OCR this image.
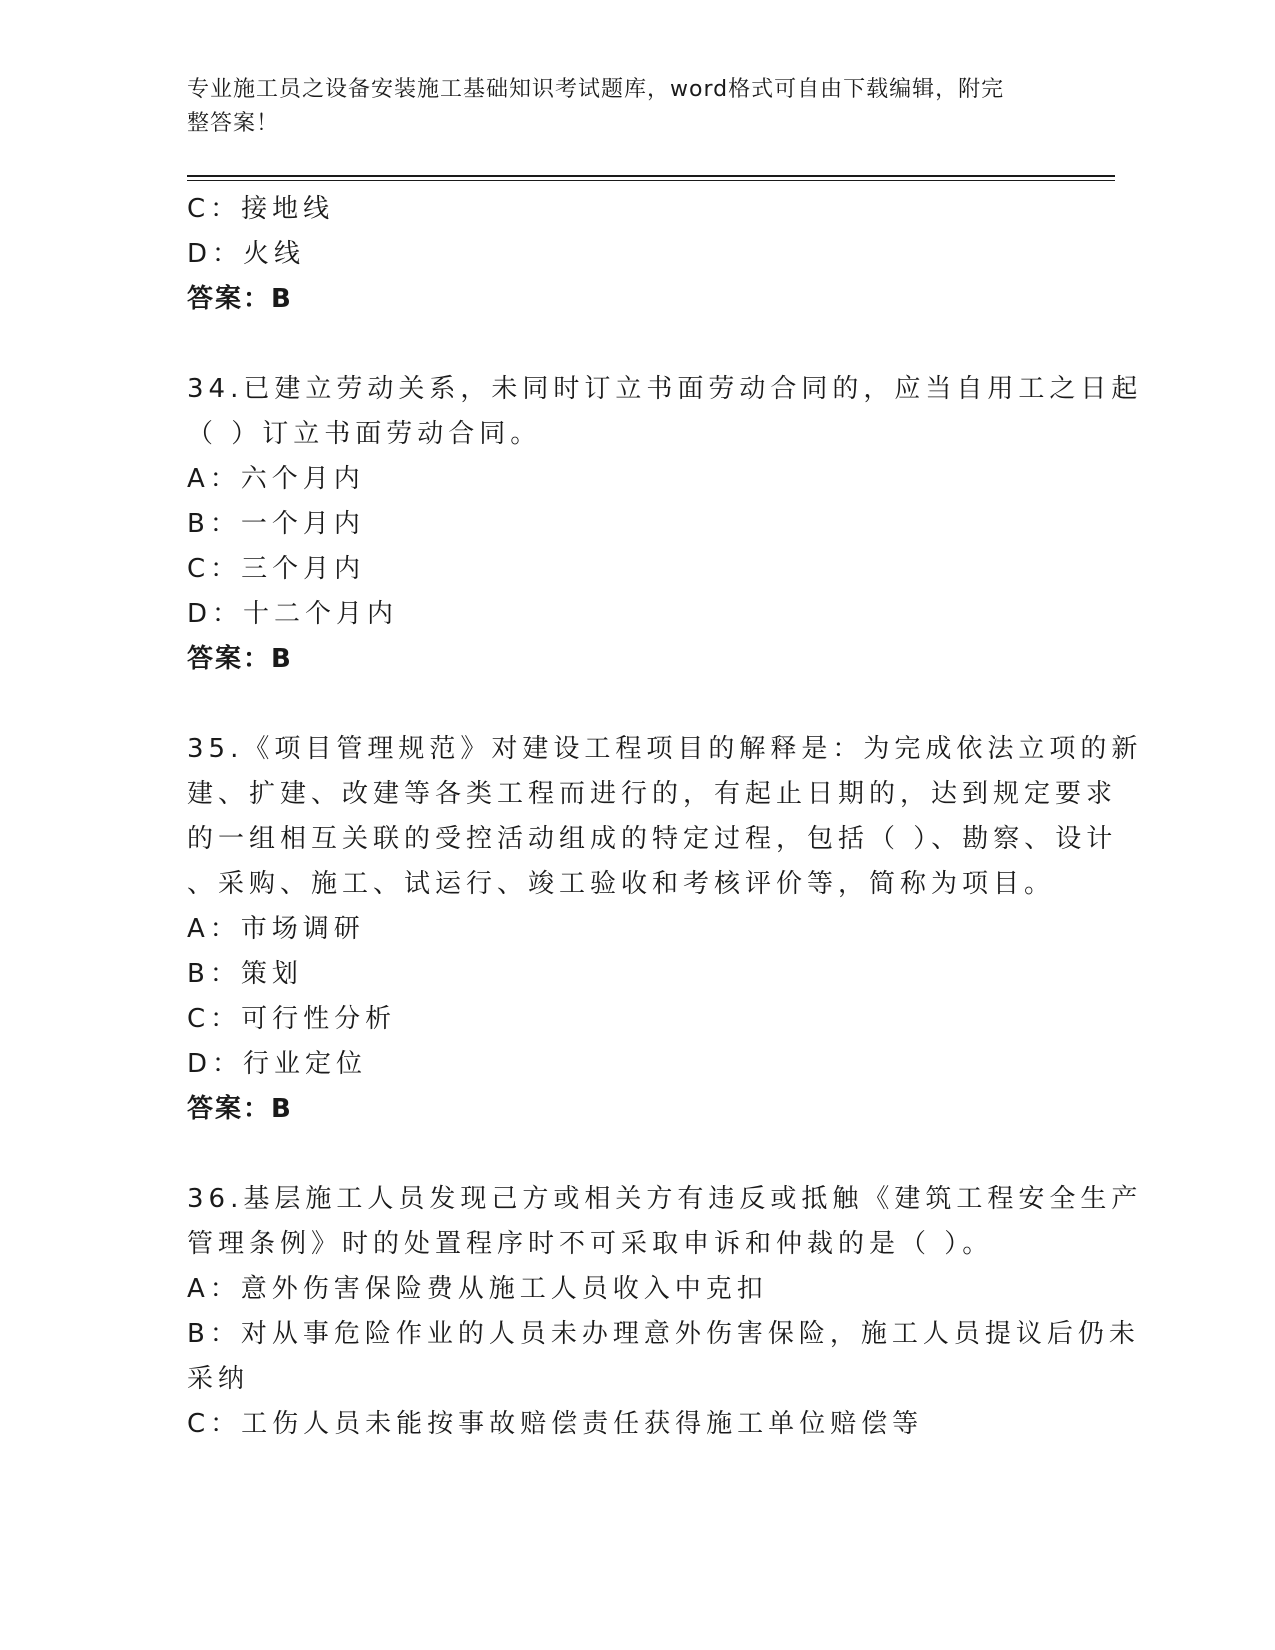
专业施工员之设备安装施工基础知识考试题库，word格式可自由下载编辑，附完
整答案！
C：接地线
D：火线
答案：B
34.已建立劳动关系，未同时订立书面劳动合同的，应当自用工之日起
（ ）订立书面劳动合同。
A：六个月内
B：一个月内
C：三个月内
D：十二个月内
答案：B
35.《项目管理规范》对建设工程项目的解释是：为完成依法立项的新
建、扩建、改建等各类工程而进行的，有起止日期的，达到规定要求
的一组相互关联的受控活动组成的特定过程，包括（ ）、勘察、设计
、采购、施工、试运行、竣工验收和考核评价等，简称为项目。
A：市场调研
B：策划
C：可行性分析
D：行业定位
答案：B
36.基层施工人员发现己方或相关方有违反或抵触《建筑工程安全生产
管理条例》时的处置程序时不可采取申诉和仲裁的是（ ）。
A：意外伤害保险费从施工人员收入中克扣
B：对从事危险作业的人员未办理意外伤害保险，施工人员提议后仍未
采纳
C：工伤人员未能按事故赔偿责任获得施工单位赔偿等
